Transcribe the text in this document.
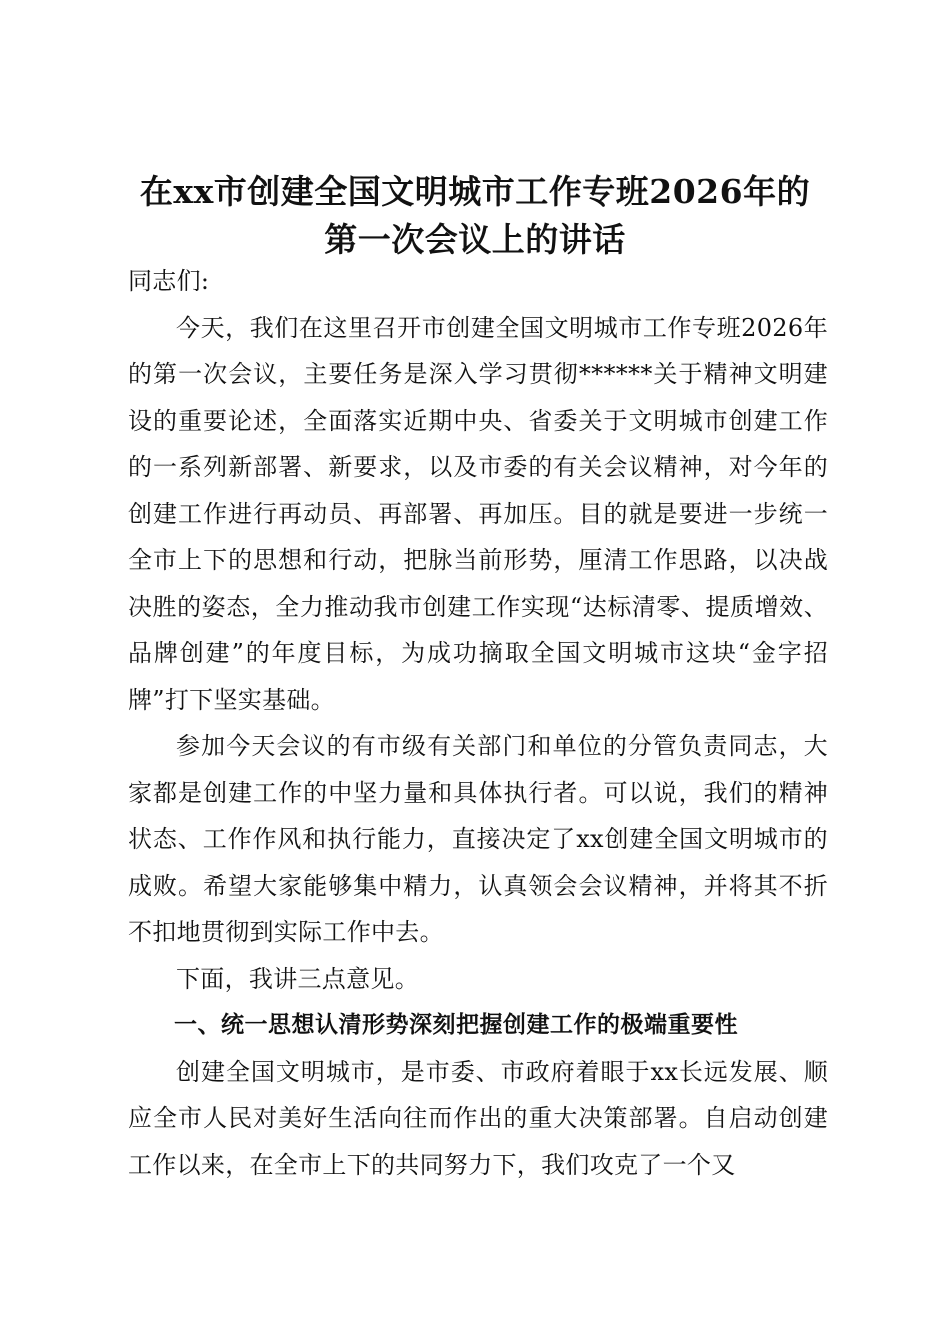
在xx市创建全国文明城市工作专班2026年的
第一次会议上的讲话

同志们:

今天，我们在这里召开市创建全国文明城市工作专班2026年的第一次会议，主要任务是深入学习贯彻******关于精神文明建设的重要论述，全面落实近期中央、省委关于文明城市创建工作的一系列新部署、新要求，以及市委的有关会议精神，对今年的创建工作进行再动员、再部署、再加压。目的就是要进一步统一全市上下的思想和行动，把脉当前形势，厘清工作思路，以决战决胜的姿态，全力推动我市创建工作实现“达标清零、提质增效、品牌创建”的年度目标，为成功摘取全国文明城市这块“金字招牌”打下坚实基础。

参加今天会议的有市级有关部门和单位的分管负责同志，大家都是创建工作的中坚力量和具体执行者。可以说，我们的精神状态、工作作风和执行能力，直接决定了xx创建全国文明城市的成败。希望大家能够集中精力，认真领会会议精神，并将其不折不扣地贯彻到实际工作中去。

下面，我讲三点意见。

一、统一思想认清形势深刻把握创建工作的极端重要性

创建全国文明城市，是市委、市政府着眼于xx长远发展、顺应全市人民对美好生活向往而作出的重大决策部署。自启动创建工作以来，在全市上下的共同努力下，我们攻克了一个又
